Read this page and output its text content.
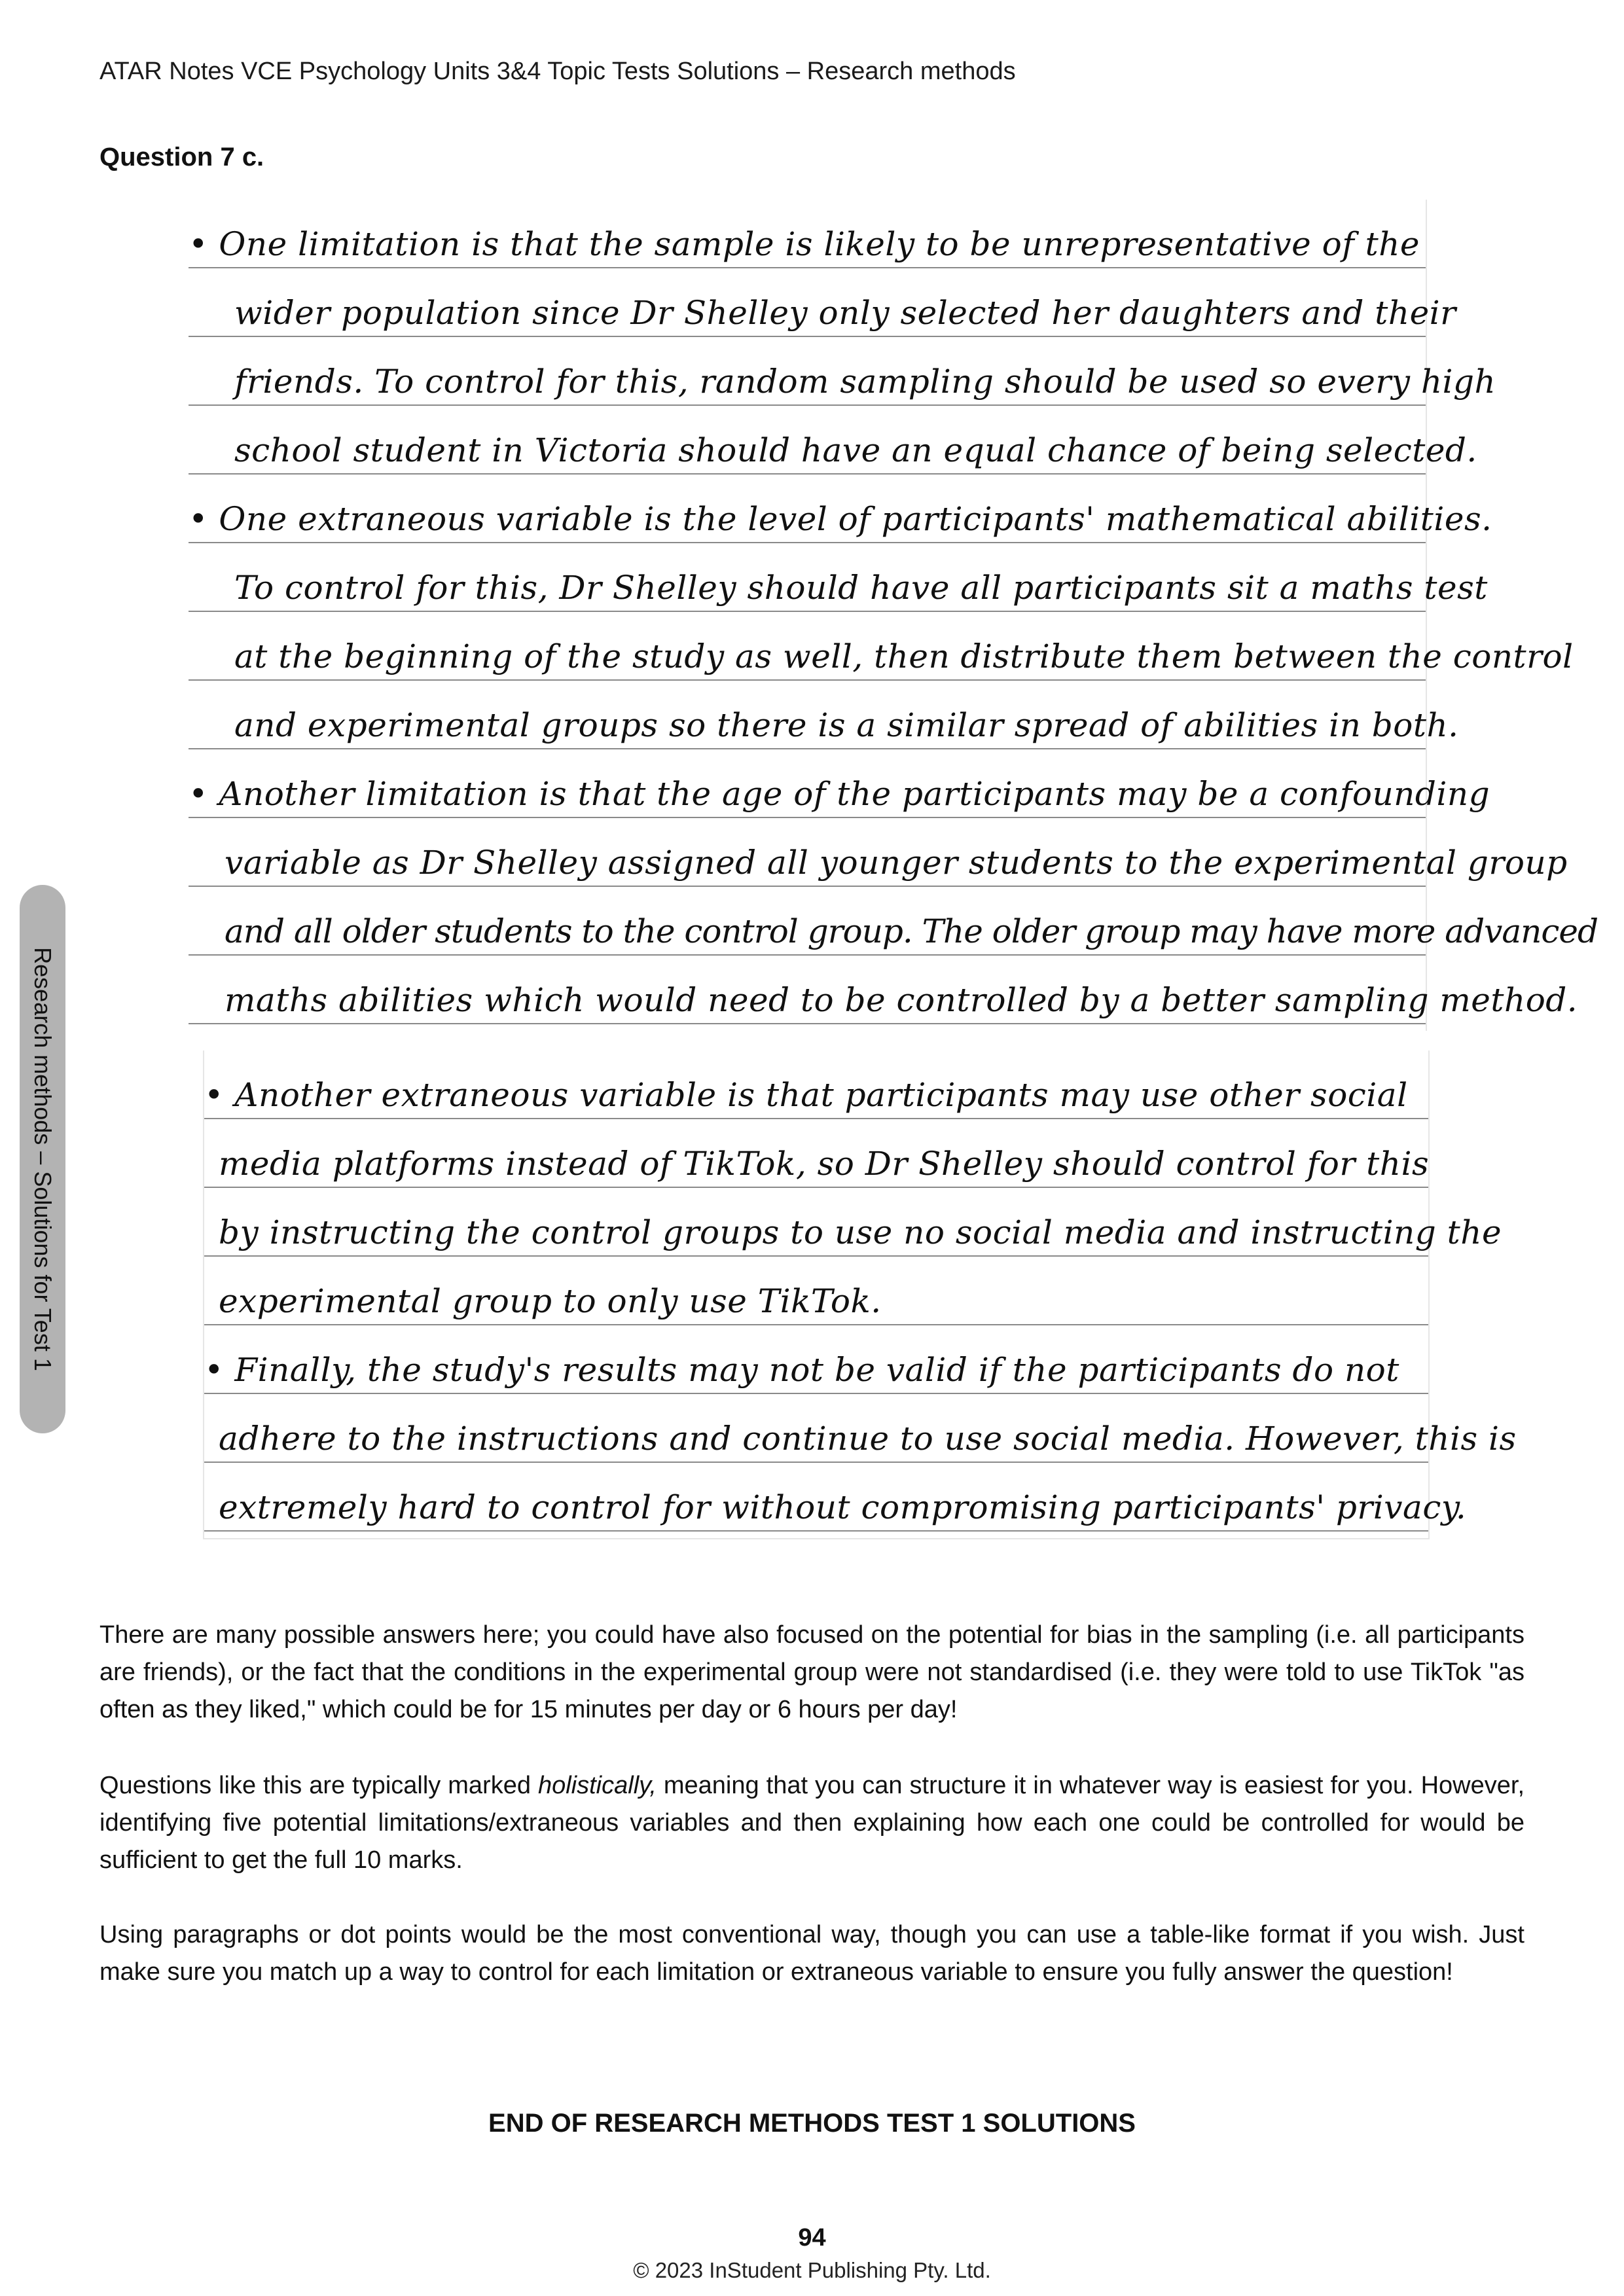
ATAR Notes VCE Psychology Units 3&4 Topic Tests Solutions – Research methods
Question 7 c.
• One limitation is that the sample is likely to be unrepresentative of the
wider population since Dr Shelley only selected her daughters and their
friends. To control for this, random sampling should be used so every high
school student in Victoria should have an equal chance of being selected.
• One extraneous variable is the level of participants' mathematical abilities.
To control for this, Dr Shelley should have all participants sit a maths test
at the beginning of the study as well, then distribute them between the control
and experimental groups so there is a similar spread of abilities in both.
• Another limitation is that the age of the participants may be a confounding
variable as Dr Shelley assigned all younger students to the experimental group
and all older students to the control group. The older group may have more advanced
maths abilities which would need to be controlled by a better sampling method.
• Another extraneous variable is that participants may use other social
media platforms instead of TikTok, so Dr Shelley should control for this
by instructing the control groups to use no social media and instructing the
experimental group to only use TikTok.
• Finally, the study's results may not be valid if the participants do not
adhere to the instructions and continue to use social media. However, this is
extremely hard to control for without compromising participants' privacy.
Research methods – Solutions for Test 1

There are many possible answers here; you could have also focused on the potential for bias in the sampling (i.e. all participants are friends), or the fact that the conditions in the experimental group were not standardised (i.e. they were told to use TikTok "as often as they liked," which could be for 15 minutes per day or 6 hours per day!

Questions like this are typically marked holistically, meaning that you can structure it in whatever way is easiest for you. However, identifying five potential limitations/extraneous variables and then explaining how each one could be controlled for would be sufficient to get the full 10 marks.

Using paragraphs or dot points would be the most conventional way, though you can use a table-like format if you wish. Just make sure you match up a way to control for each limitation or extraneous variable to ensure you fully answer the question!

END OF RESEARCH METHODS TEST 1 SOLUTIONS
94
© 2023 InStudent Publishing Pty. Ltd.
